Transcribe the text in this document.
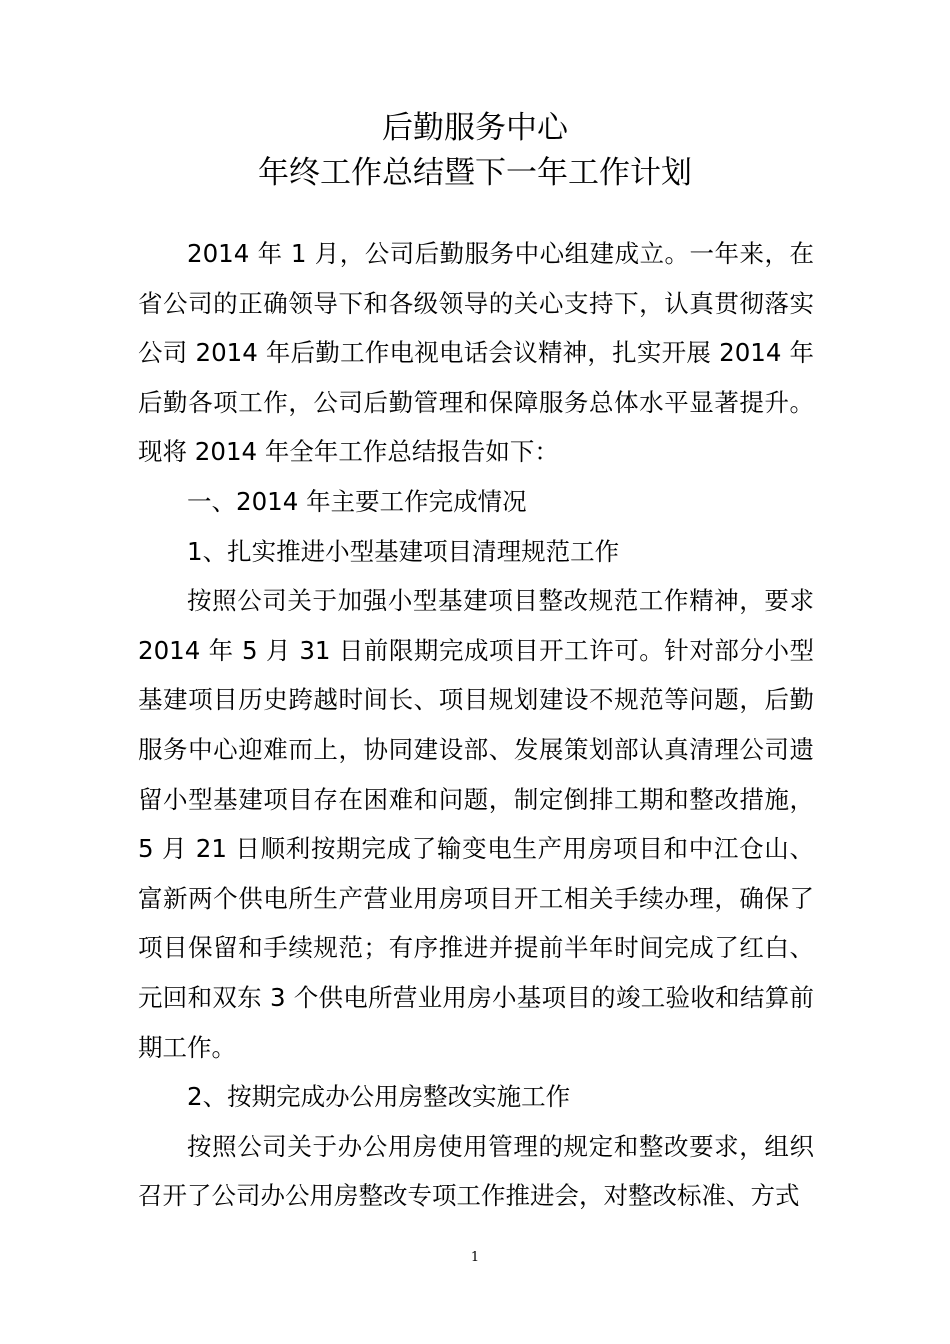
后勤服务中心
年终工作总结暨下一年工作计划

2014 年 1 月，公司后勤服务中心组建成立。一年来，在省公司的正确领导下和各级领导的关心支持下，认真贯彻落实公司 2014 年后勤工作电视电话会议精神，扎实开展 2014 年后勤各项工作，公司后勤管理和保障服务总体水平显著提升。现将 2014 年全年工作总结报告如下：

一、2014 年主要工作完成情况

1、扎实推进小型基建项目清理规范工作

按照公司关于加强小型基建项目整改规范工作精神，要求 2014 年 5 月 31 日前限期完成项目开工许可。针对部分小型基建项目历史跨越时间长、项目规划建设不规范等问题，后勤服务中心迎难而上，协同建设部、发展策划部认真清理公司遗留小型基建项目存在困难和问题，制定倒排工期和整改措施，5 月 21 日顺利按期完成了输变电生产用房项目和中江仓山、富新两个供电所生产营业用房项目开工相关手续办理，确保了项目保留和手续规范；有序推进并提前半年时间完成了红白、元回和双东 3 个供电所营业用房小基项目的竣工验收和结算前期工作。

2、按期完成办公用房整改实施工作

按照公司关于办公用房使用管理的规定和整改要求，组织召开了公司办公用房整改专项工作推进会，对整改标准、方式

1
